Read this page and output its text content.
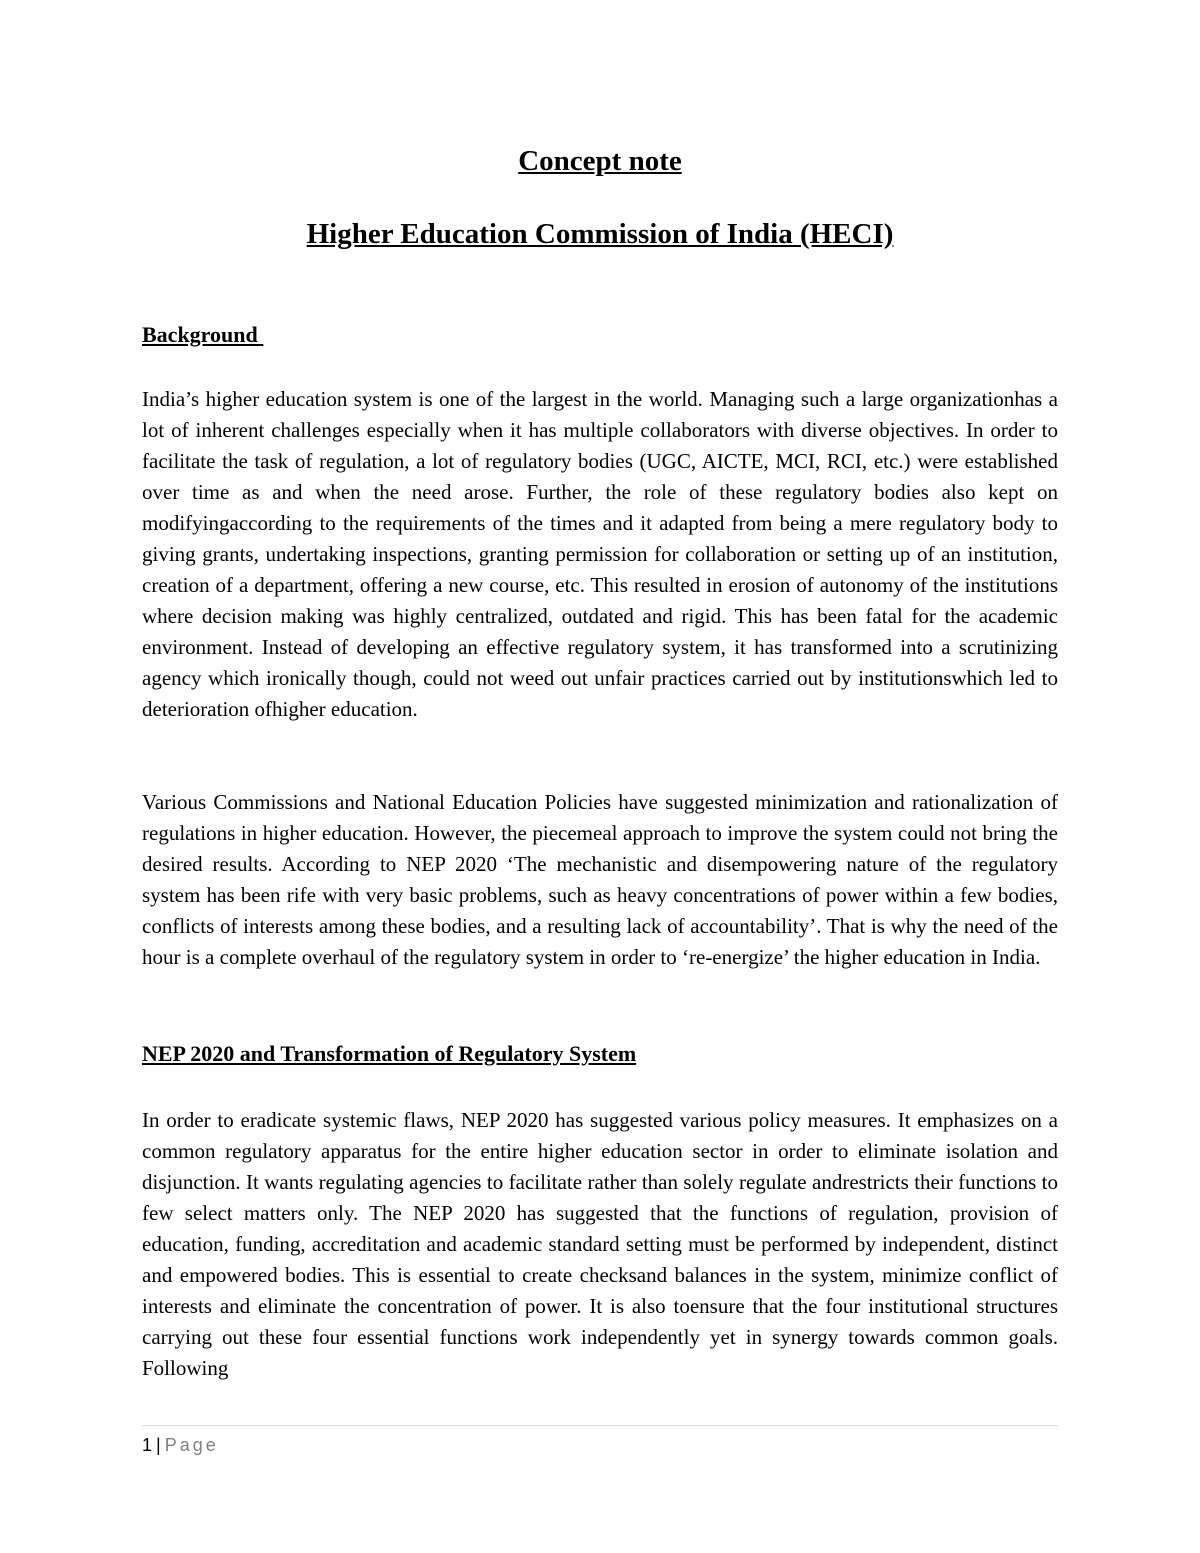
Concept note
Higher Education Commission of India (HECI)
Background

India’s higher education system is one of the largest in the world. Managing such a large organizationhas a lot of inherent challenges especially when it has multiple collaborators with diverse objectives. In order to facilitate the task of regulation, a lot of regulatory bodies (UGC, AICTE, MCI, RCI, etc.) were established over time as and when the need arose. Further, the role of these regulatory bodies also kept on modifyingaccording to the requirements of the times and it adapted from being a mere regulatory body to giving grants, undertaking inspections, granting permission for collaboration or setting up of an institution, creation of a department, offering a new course, etc. This resulted in erosion of autonomy of the institutions where decision making was highly centralized, outdated and rigid. This has been fatal for the academic environment. Instead of developing an effective regulatory system, it has transformed into a scrutinizing agency which ironically though, could not weed out unfair practices carried out by institutionswhich led to deterioration ofhigher education.

Various Commissions and National Education Policies have suggested minimization and rationalization of regulations in higher education. However, the piecemeal approach to improve the system could not bring the desired results. According to NEP 2020 ‘The mechanistic and disempowering nature of the regulatory system has been rife with very basic problems, such as heavy concentrations of power within a few bodies, conflicts of interests among these bodies, and a resulting lack of accountability’. That is why the need of the hour is a complete overhaul of the regulatory system in order to ‘re-energize’ the higher education in India.

NEP 2020 and Transformation of Regulatory System

In order to eradicate systemic flaws, NEP 2020 has suggested various policy measures. It emphasizes on a common regulatory apparatus for the entire higher education sector in order to eliminate isolation and disjunction. It wants regulating agencies to facilitate rather than solely regulate andrestricts their functions to few select matters only. The NEP 2020 has suggested that the functions of regulation, provision of education, funding, accreditation and academic standard setting must be performed by independent, distinct and empowered bodies. This is essential to create checksand balances in the system, minimize conflict of interests and eliminate the concentration of power. It is also toensure that the four institutional structures carrying out these four essential functions work independently yet in synergy towards common goals. Following

1 | Page
